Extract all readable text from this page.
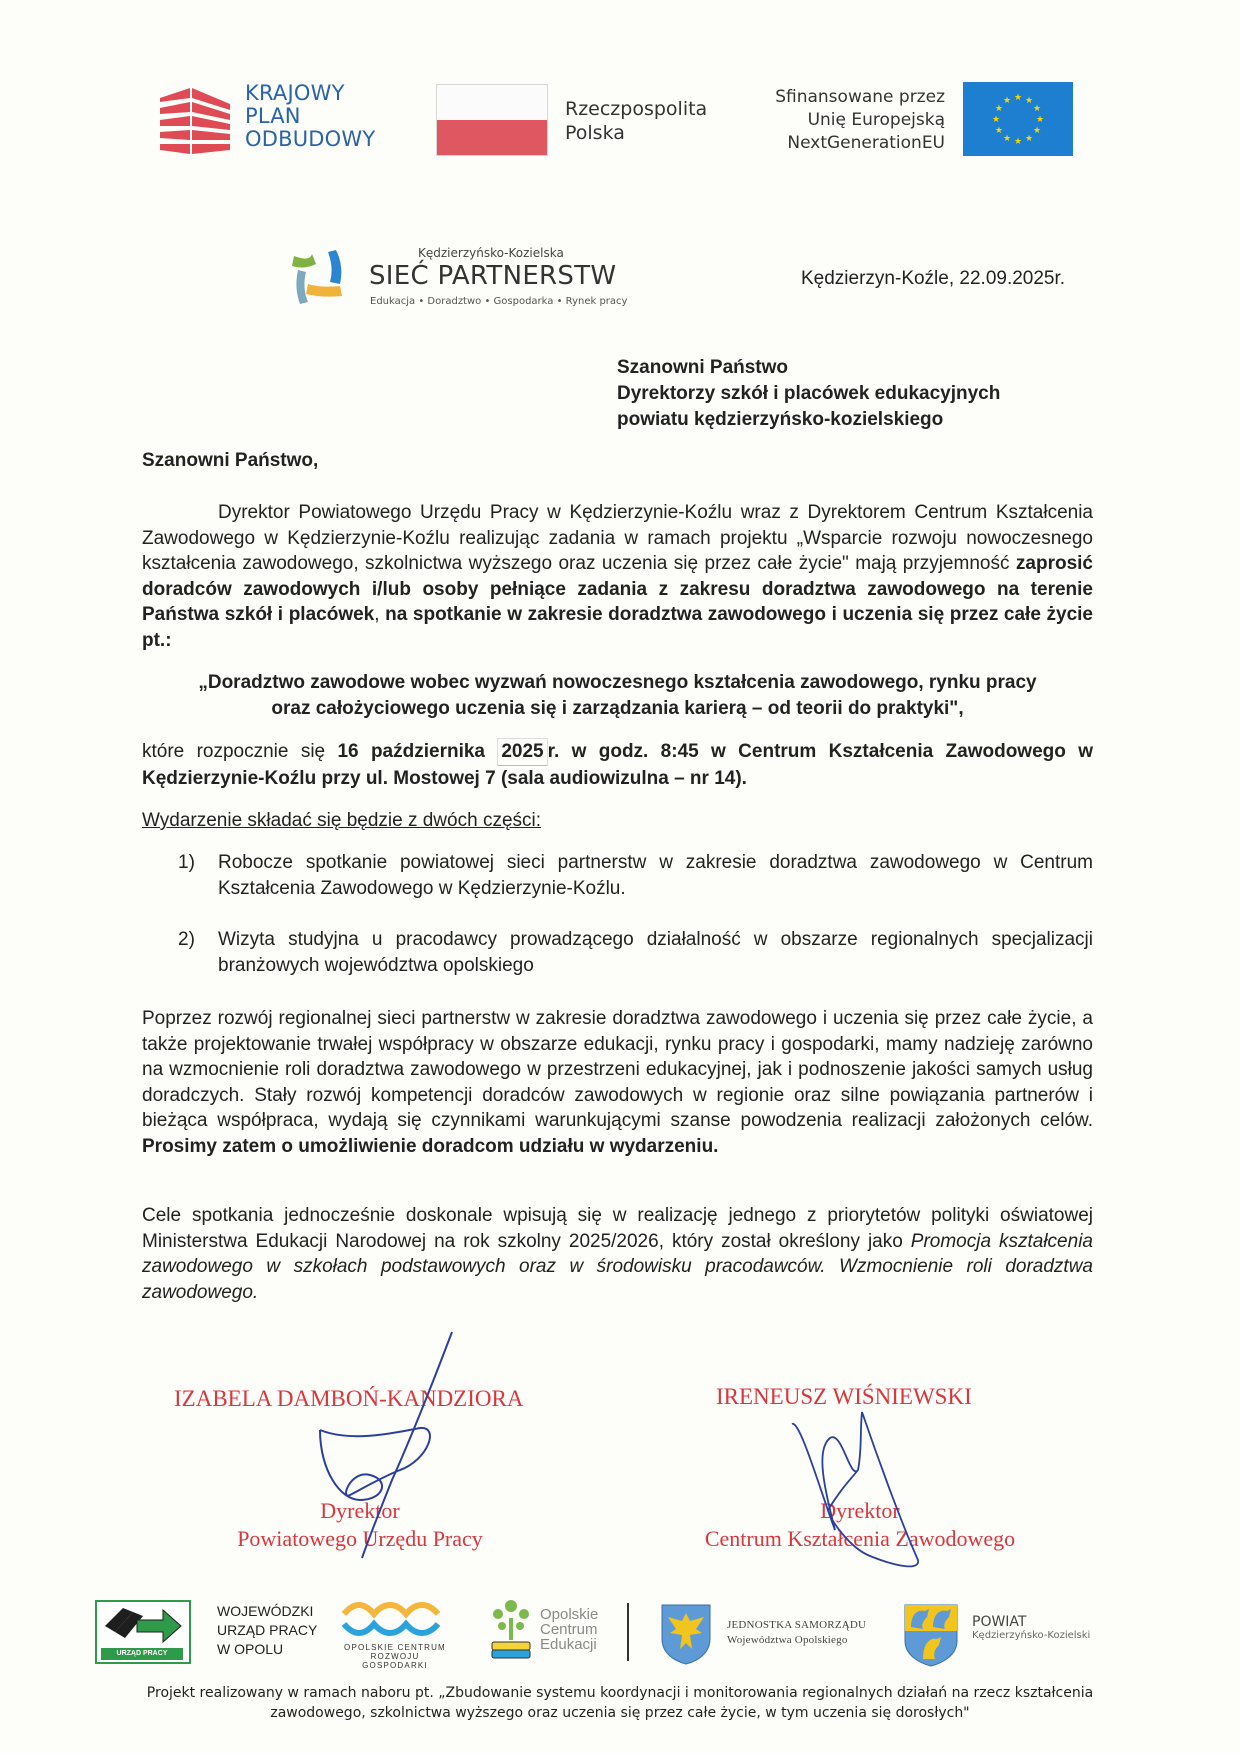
KRAJOWY
PLAN
ODBUDOWY
Rzeczpospolita
Polska
Sfinansowane przez
Unię Europejską
NextGenerationEU
★ ★
★
★
★
★
★
★
★
★
★
★
Kędzierzyńsko-Kozielska
SIEĆ PARTNERSTW
Edukacja • Doradztwo • Gospodarka • Rynek pracy
Kędzierzyn-Koźle, 22.09.2025r.
Szanowni Państwo
Dyrektorzy szkół i placówek edukacyjnych
powiatu kędzierzyńsko-kozielskiego
Szanowni Państwo,
Dyrektor Powiatowego Urzędu Pracy w Kędzierzynie-Koźlu wraz z Dyrektorem Centrum Kształcenia Zawodowego w Kędzierzynie-Koźlu realizując zadania w ramach projektu „Wsparcie rozwoju nowoczesnego kształcenia zawodowego, szkolnictwa wyższego oraz uczenia się przez całe życie" mają przyjemność zaprosić doradców zawodowych i/lub osoby pełniące zadania z zakresu doradztwa zawodowego na terenie Państwa szkół i placówek, na spotkanie w zakresie doradztwa zawodowego i uczenia się przez całe życie pt.:
„Doradztwo zawodowe wobec wyzwań nowoczesnego kształcenia zawodowego, rynku pracy
oraz całożyciowego uczenia się i zarządzania karierą – od teorii do praktyki",
które rozpocznie się 16 października 2025 r. w godz. 8:45 w Centrum Kształcenia Zawodowego w Kędzierzynie-Koźlu przy ul. Mostowej 7 (sala audiowizulna – nr 14).
Wydarzenie składać się będzie z dwóch części:
1) Robocze spotkanie powiatowej sieci partnerstw w zakresie doradztwa zawodowego w Centrum Kształcenia Zawodowego w Kędzierzynie-Koźlu.
2) Wizyta studyjna u pracodawcy prowadzącego działalność w obszarze regionalnych specjalizacji branżowych województwa opolskiego
Poprzez rozwój regionalnej sieci partnerstw w zakresie doradztwa zawodowego i uczenia się przez całe życie, a także projektowanie trwałej współpracy w obszarze edukacji, rynku pracy i gospodarki, mamy nadzieję zarówno na wzmocnienie roli doradztwa zawodowego w przestrzeni edukacyjnej, jak i podnoszenie jakości samych usług doradczych. Stały rozwój kompetencji doradców zawodowych w regionie oraz silne powiązania partnerów i bieżąca współpraca, wydają się czynnikami warunkującymi szanse powodzenia realizacji założonych celów. Prosimy zatem o umożliwienie doradcom udziału w wydarzeniu.
Cele spotkania jednocześnie doskonale wpisują się w realizację jednego z priorytetów polityki oświatowej Ministerstwa Edukacji Narodowej na rok szkolny 2025/2026, który został określony jako Promocja kształcenia zawodowego w szkołach podstawowych oraz w środowisku pracodawców. Wzmocnienie roli doradztwa zawodowego.
IZABELA DAMBOŃ-KANDZIORA
Dyrektor
Powiatowego Urzędu Pracy
IRENEUSZ WIŚNIEWSKI
Dyrektor
Centrum Kształcenia Zawodowego
URZĄD PRACY
WOJEWÓDZKI
URZĄD PRACY
W OPOLU	OPOLSKIE CENTRUM
ROZWOJU GOSPODARKI
Opolskie
Centrum
Edukacji
JEDNOSTKA SAMORZĄDU
Województwa Opolskiego
POWIAT
Kędzierzyńsko-Kozielski
Projekt realizowany w ramach naboru pt. „Zbudowanie systemu koordynacji i monitorowania regionalnych działań na rzecz kształcenia zawodowego, szkolnictwa wyższego oraz uczenia się przez całe życie, w tym uczenia się dorosłych"
